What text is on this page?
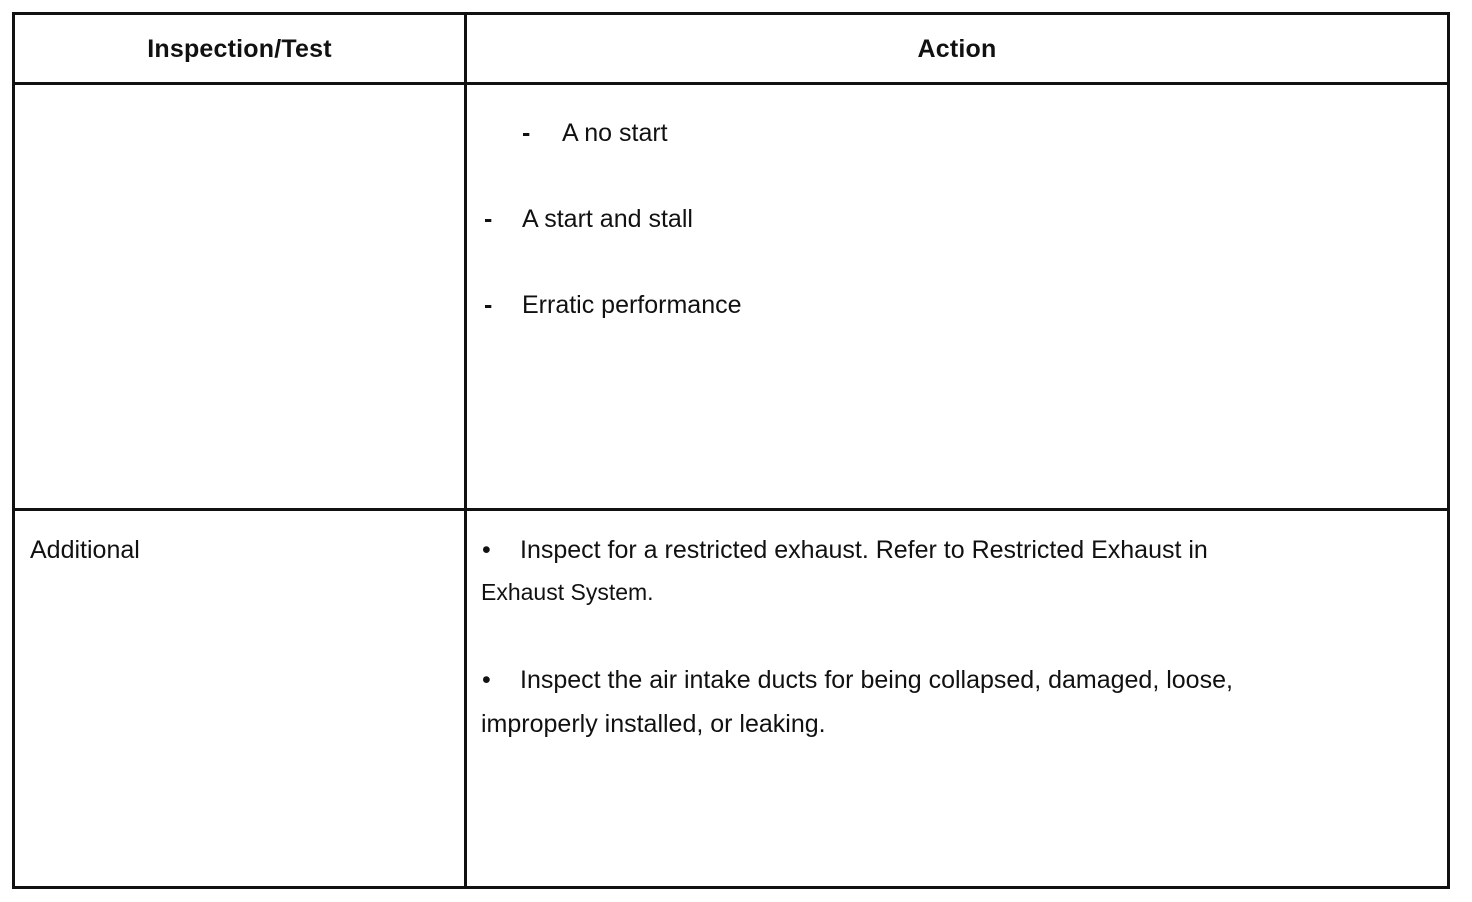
Inspection/Test	Action
- A no start
- A start and stall
- Erratic performance
Additional	• Inspect for a restricted exhaust. Refer to Restricted Exhaust in
Exhaust System.
• Inspect the air intake ducts for being collapsed, damaged, loose,
improperly installed, or leaking.
